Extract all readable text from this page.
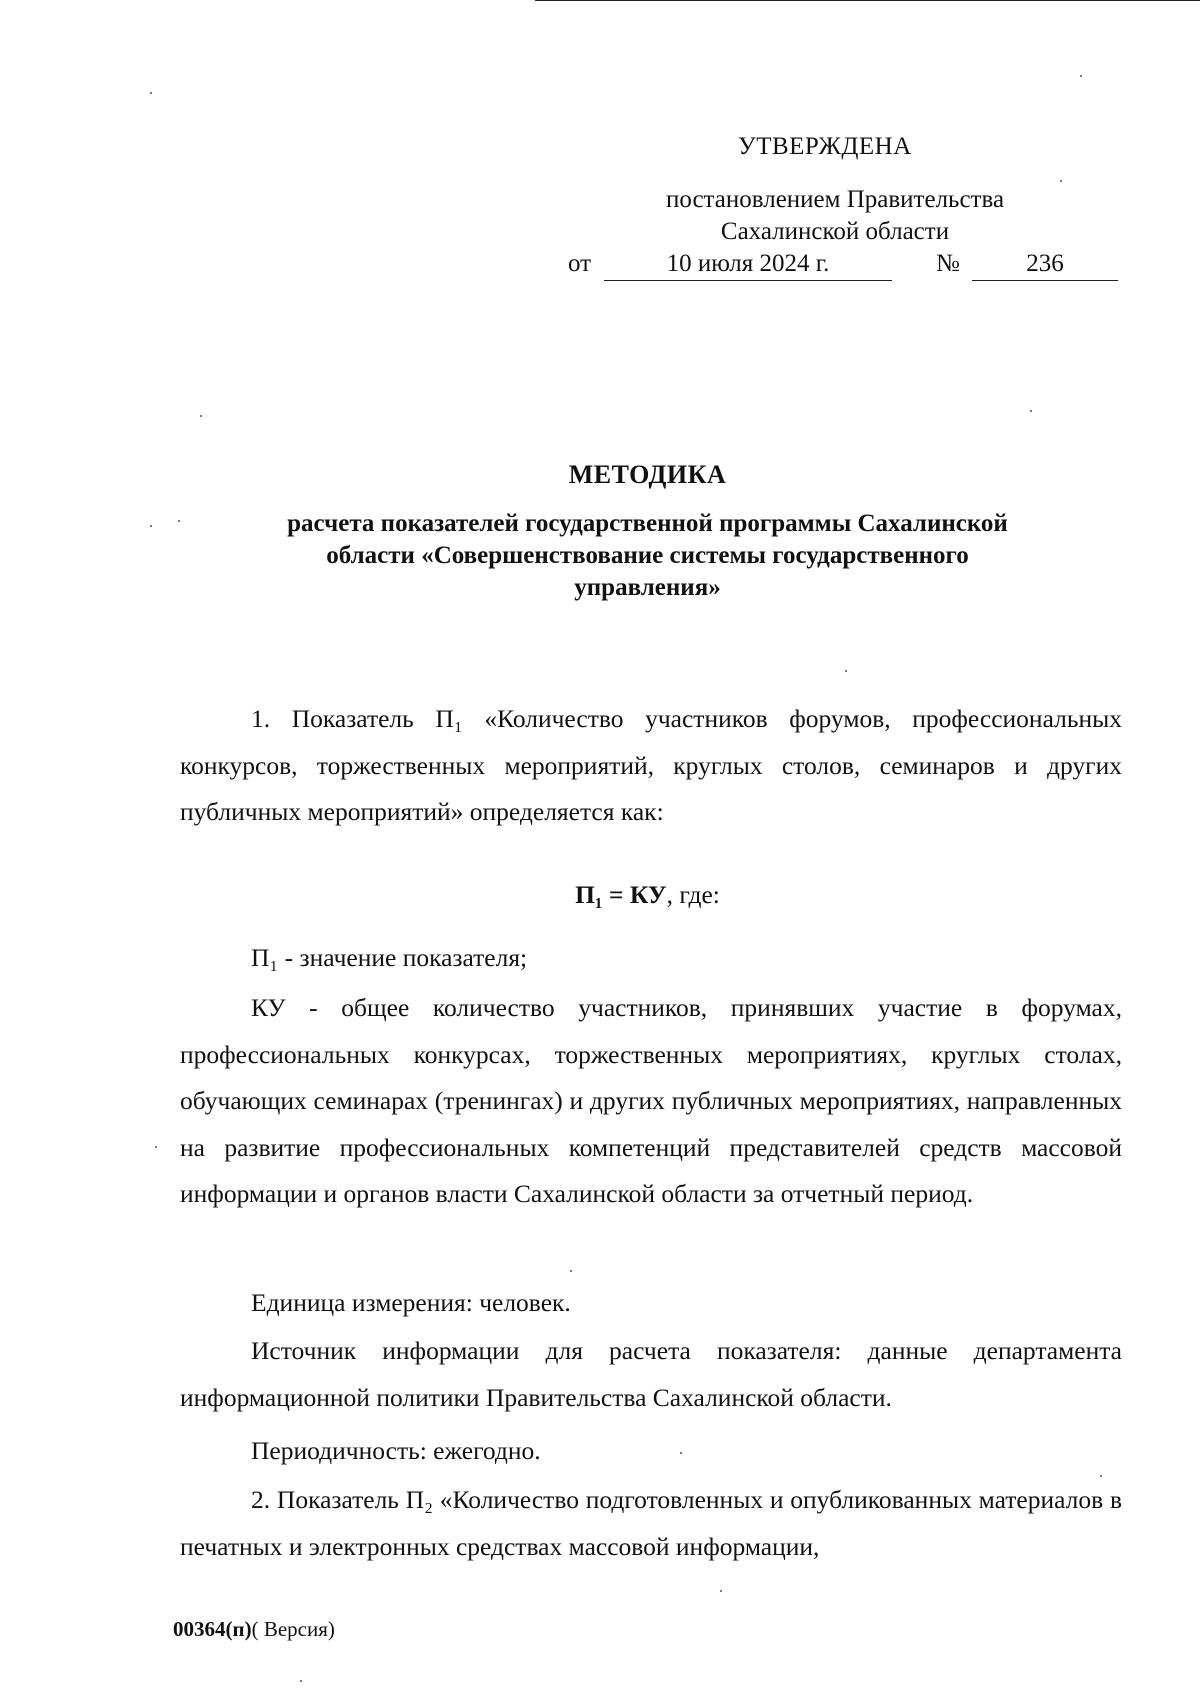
УТВЕРЖДЕНА
постановлением Правительства
Сахалинской области
от	10 июля 2024 г.	№	236
МЕТОДИКА
расчета показателей государственной программы Сахалинской области «Совершенствование системы государственного управления»

1. Показатель П₁ «Количество участников форумов, профессиональных конкурсов, торжественных мероприятий, круглых столов, семинаров и других публичных мероприятий» определяется как:

П₁ = КУ, где:

П₁ - значение показателя;

КУ - общее количество участников, принявших участие в форумах, профессиональных конкурсах, торжественных мероприятиях, круглых столах, обучающих семинарах (тренингах) и других публичных мероприятиях, направленных на развитие профессиональных компетенций представителей средств массовой информации и органов власти Сахалинской области за отчетный период.

Единица измерения: человек.

Источник информации для расчета показателя: данные департамента информационной политики Правительства Сахалинской области.

Периодичность: ежегодно.

2. Показатель П₂ «Количество подготовленных и опубликованных материалов в печатных и электронных средствах массовой информации,

00364(п)( Версия)
